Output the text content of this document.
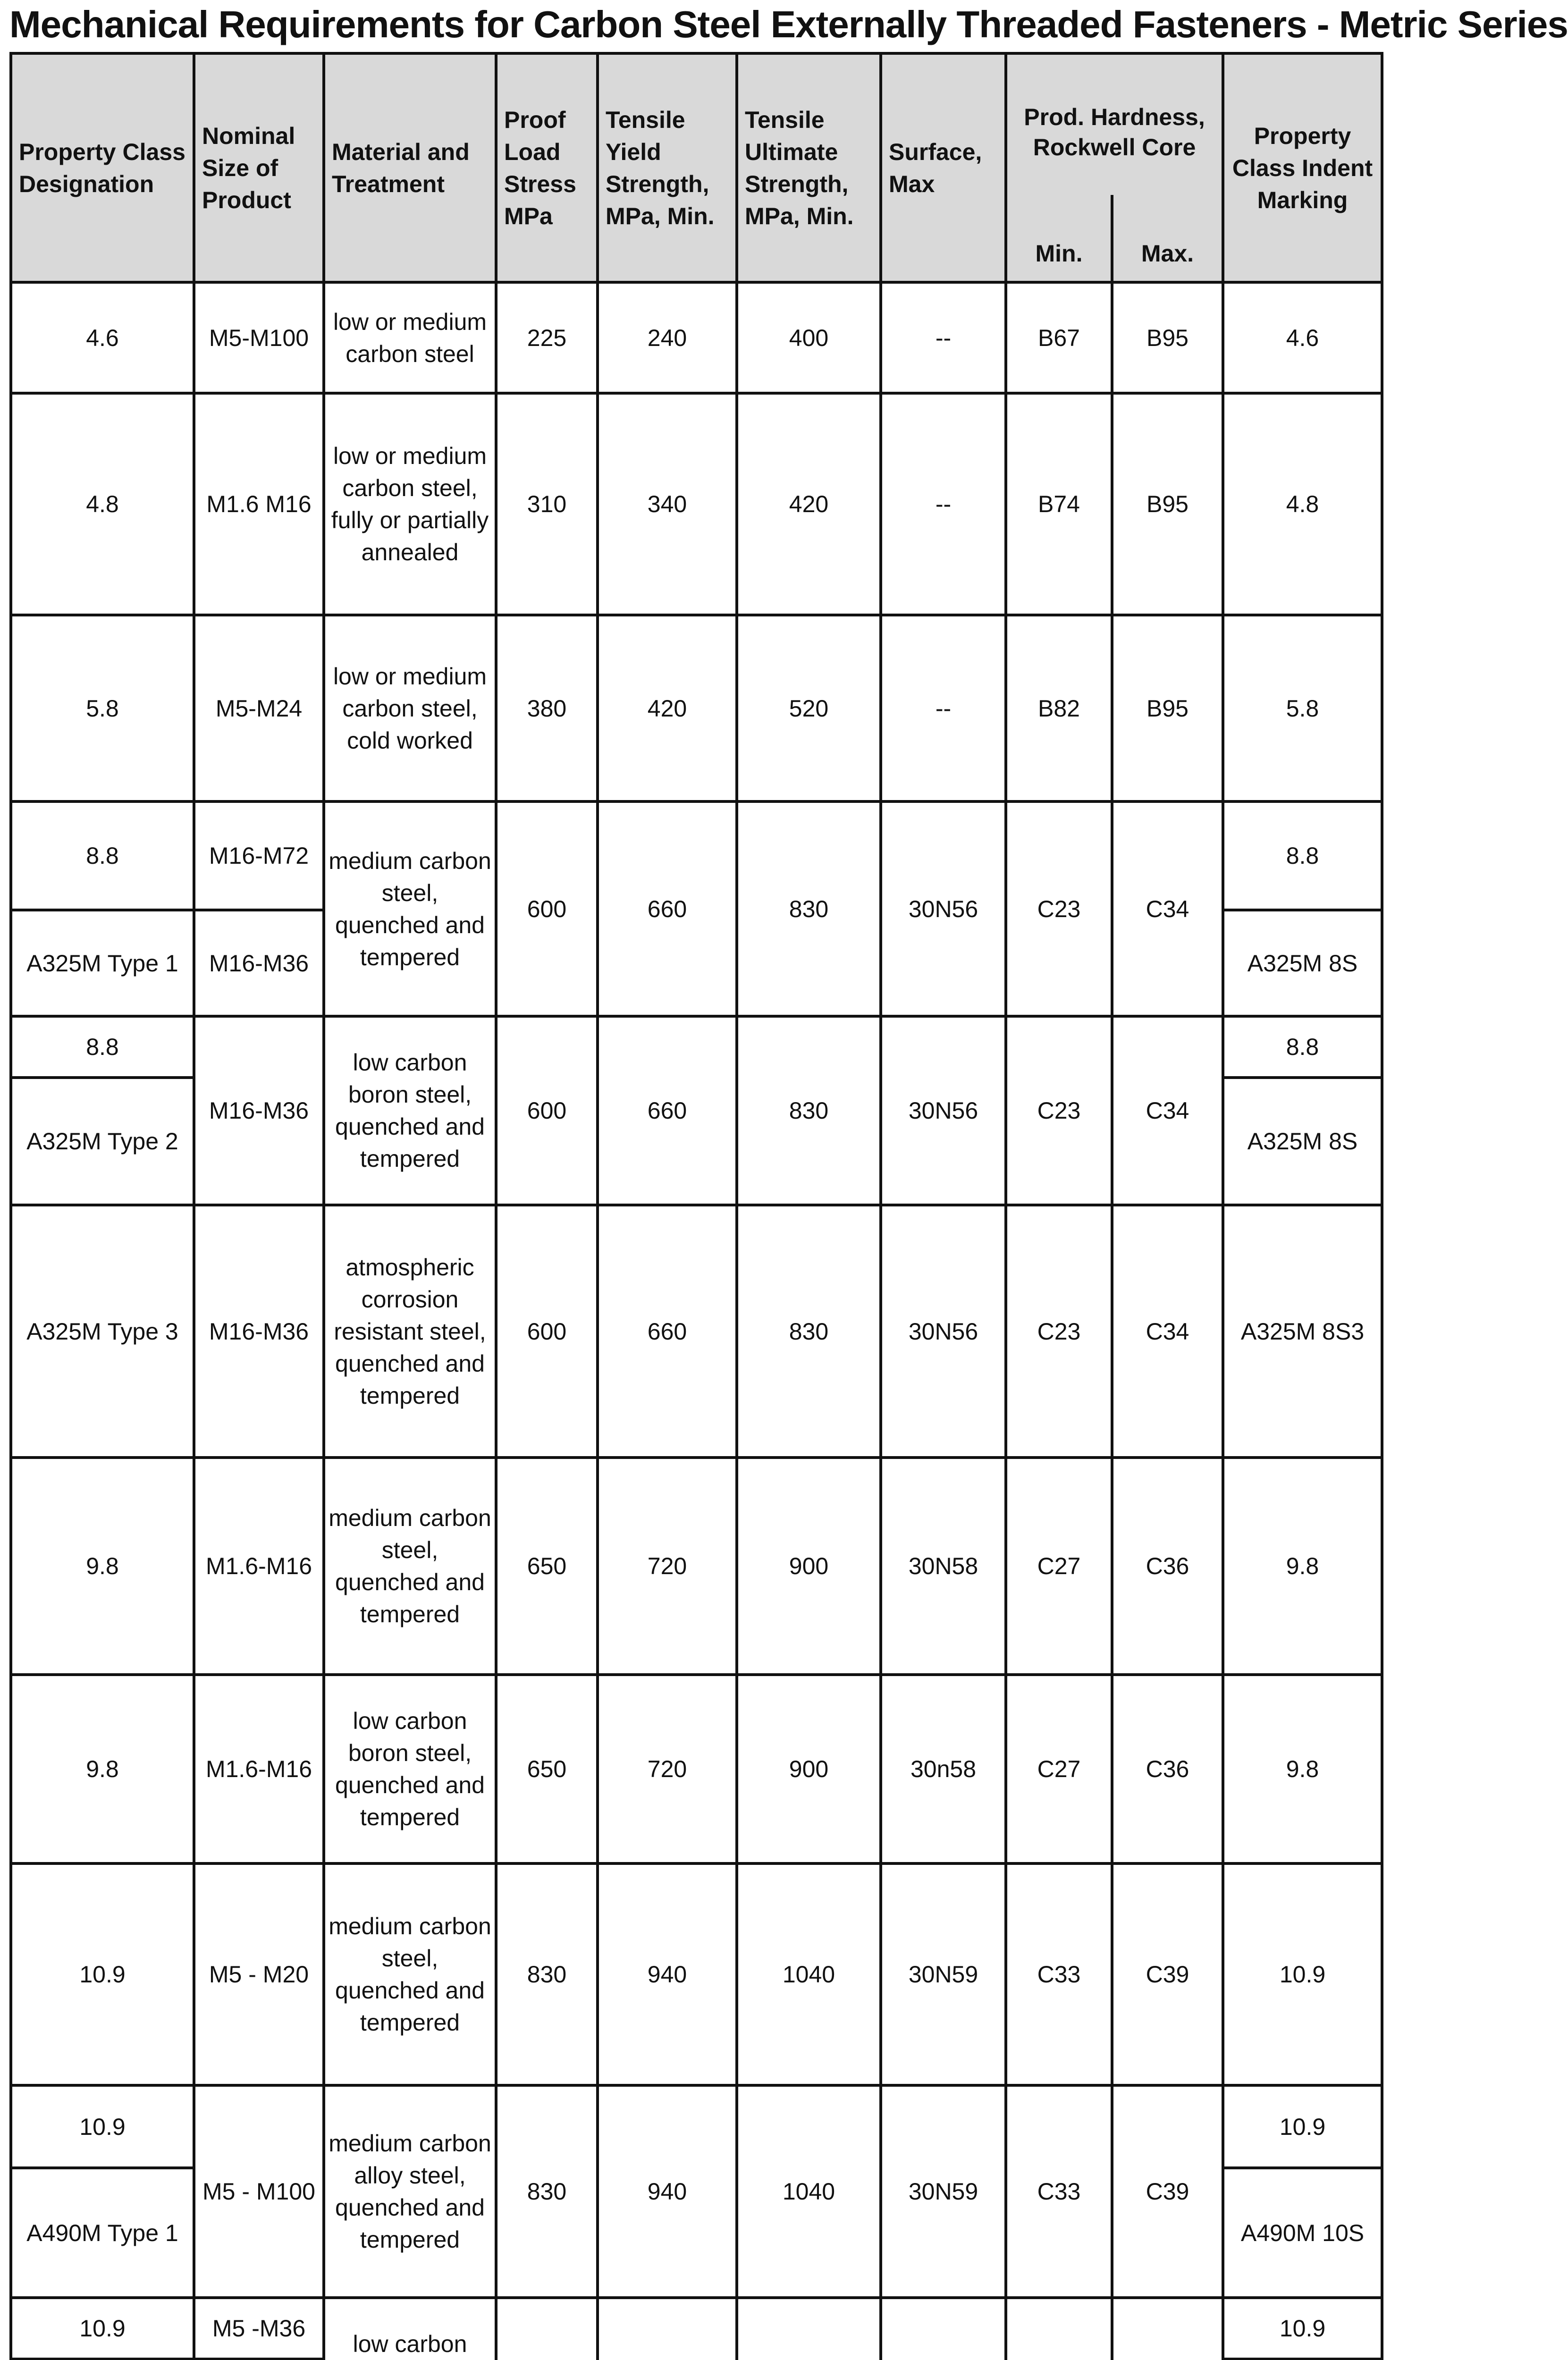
Mechanical Requirements for Carbon Steel Externally Threaded Fasteners - Metric Series
Property Class Designation	Nominal Size of Product	Material and Treatment	Proof Load Stress MPa	Tensile Yield Strength, MPa, Min.	Tensile Ultimate Strength, MPa, Min.	Surface, Max	Prod. Hardness, Rockwell Core		Property Class Indent Marking
							Min.	Max.	
4.6	M5-M100	low or medium carbon steel	225	240	400	--	B67	B95	4.6
4.8	M1.6 M16	low or medium carbon steel, fully or partially annealed	310	340	420	--	B74	B95	4.8
5.8	M5-M24	low or medium carbon steel, cold worked	380	420	520	--	B82	B95	5.8
8.8	M16-M72	medium carbon steel, quenched and tempered	600	660	830	30N56	C23	C34	8.8
A325M Type 1	M16-M36								A325M 8S
8.8	M16-M36	low carbon boron steel, quenched and tempered	600	660	830	30N56	C23	C34	8.8
A325M Type 2									A325M 8S
A325M Type 3	M16-M36	atmospheric corrosion resistant steel, quenched and tempered	600	660	830	30N56	C23	C34	A325M 8S3
9.8	M1.6-M16	medium carbon steel, quenched and tempered	650	720	900	30N58	C27	C36	9.8
9.8	M1.6-M16	low carbon boron steel, quenched and tempered	650	720	900	30n58	C27	C36	9.8
10.9	M5 - M20	medium carbon steel, quenched and tempered	830	940	1040	30N59	C33	C39	10.9
10.9	M5 - M100	medium carbon alloy steel, quenched and tempered	830	940	1040	30N59	C33	C39	10.9
A490M Type 1									A490M 10S
10.9	M5 -M36	low carbon							10.9
